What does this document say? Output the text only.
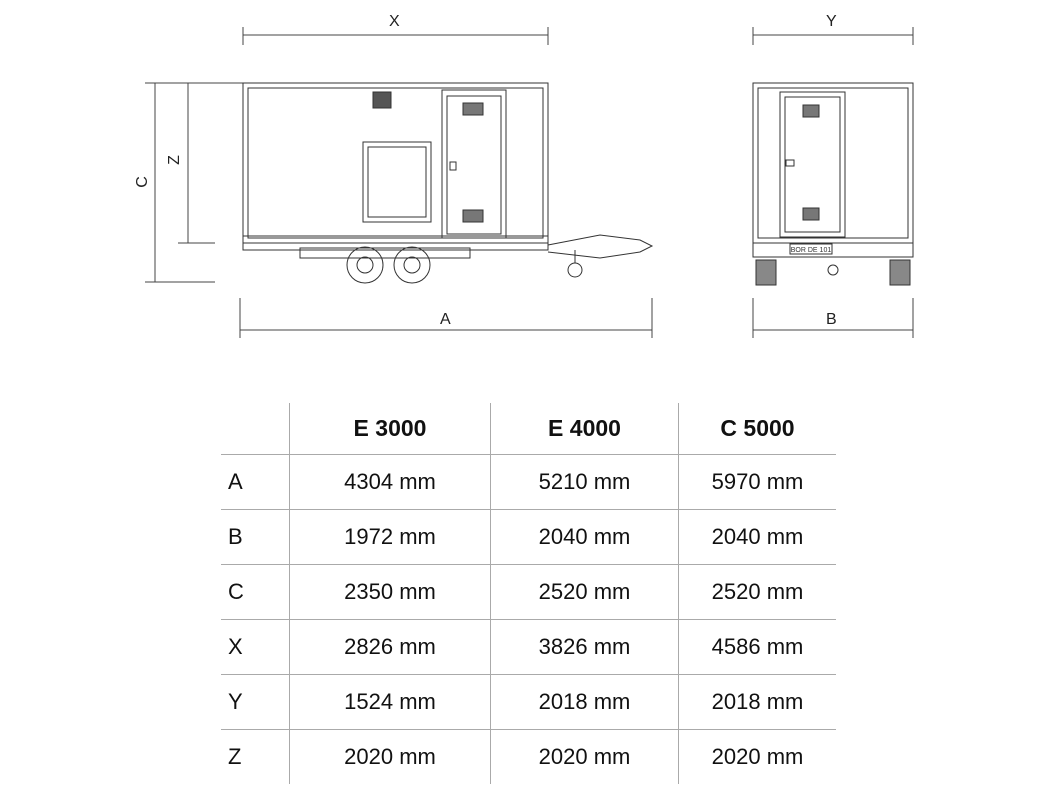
BOR DE 101
X	Y
A	B
C
Z
	E 3000	E 4000	C 5000
A	4304 mm	5210 mm	5970 mm
B	1972 mm	2040 mm	2040 mm
C	2350 mm	2520 mm	2520 mm
X	2826 mm	3826 mm	4586 mm
Y	1524 mm	2018 mm	2018 mm
Z	2020 mm	2020 mm	2020 mm
